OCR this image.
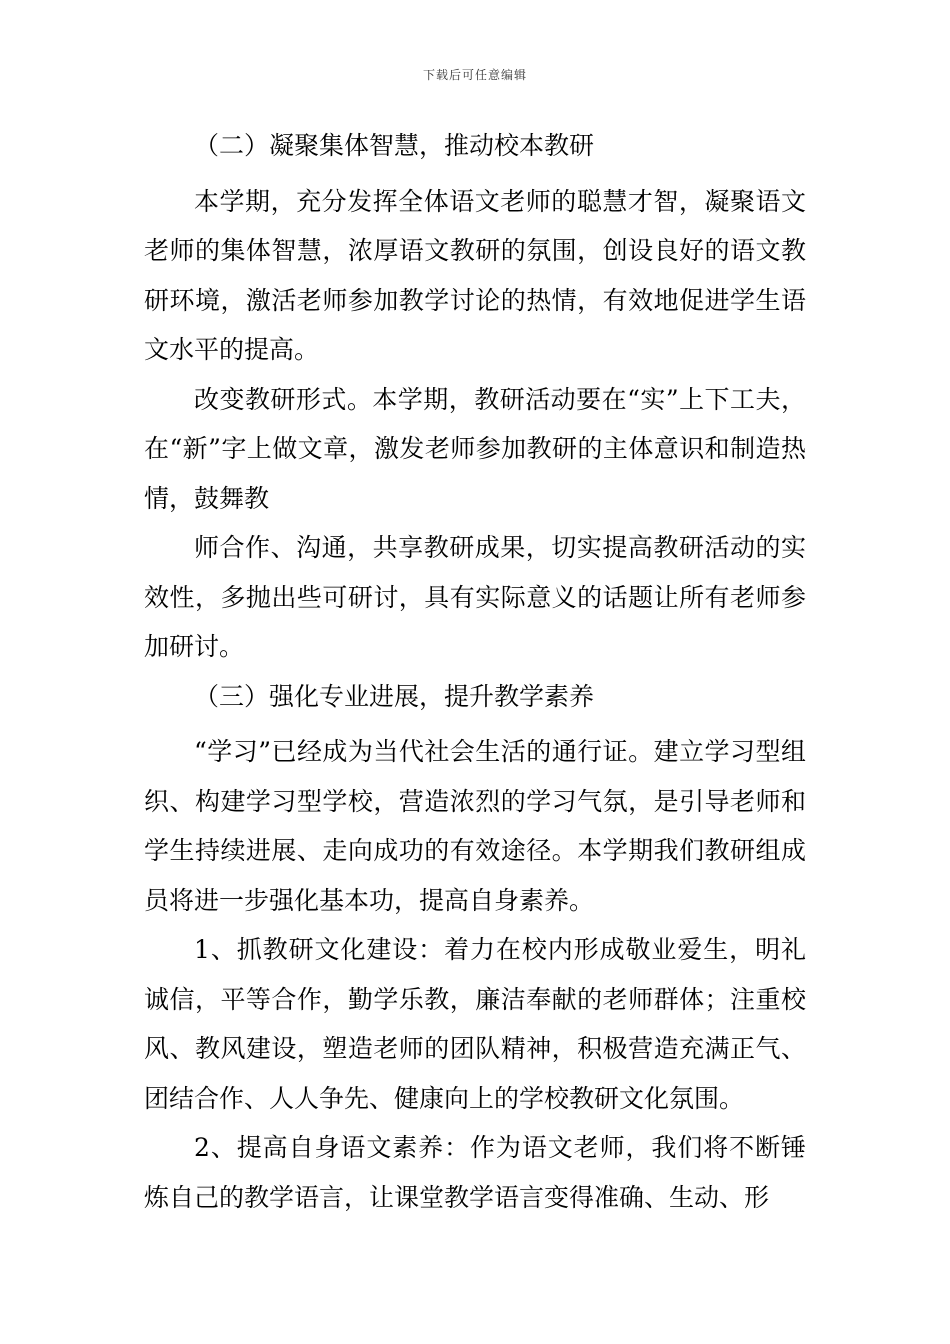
下载后可任意编辑

（二）凝聚集体智慧，推动校本教研

本学期，充分发挥全体语文老师的聪慧才智，凝聚语文老师的集体智慧，浓厚语文教研的氛围，创设良好的语文教研环境，激活老师参加教学讨论的热情，有效地促进学生语文水平的提高。

改变教研形式。本学期，教研活动要在“实”上下工夫，在“新”字上做文章，激发老师参加教研的主体意识和制造热情，鼓舞教

师合作、沟通，共享教研成果，切实提高教研活动的实效性，多抛出些可研讨，具有实际意义的话题让所有老师参加研讨。

（三）强化专业进展，提升教学素养

“学习”已经成为当代社会生活的通行证。建立学习型组织、构建学习型学校，营造浓烈的学习气氛，是引导老师和学生持续进展、走向成功的有效途径。本学期我们教研组成员将进一步强化基本功，提高自身素养。

1、抓教研文化建设：着力在校内形成敬业爱生，明礼诚信，平等合作，勤学乐教，廉洁奉献的老师群体；注重校风、教风建设，塑造老师的团队精神，积极营造充满正气、团结合作、人人争先、健康向上的学校教研文化氛围。

2、提高自身语文素养：作为语文老师，我们将不断锤炼自己的教学语言，让课堂教学语言变得准确、生动、形
